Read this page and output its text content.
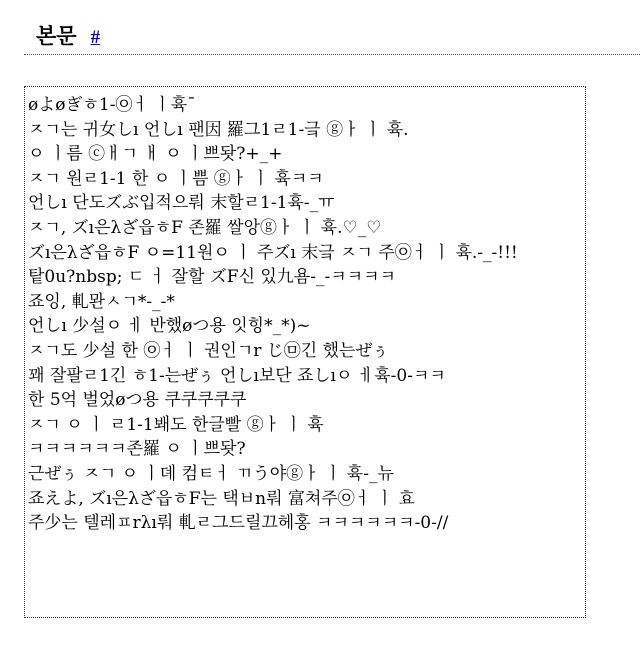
본문 #
øよøぎㅎ1-㉧ㅓ ㅣ휵ˉ
ㅈㄱ는 귀女しı 언しı 팬因 羅그1ㄹ1-긐 ⓖㅏ ㅣ 휵.
ㅇ ㅣ름 ⓒㅐㄱ ㅐ ㅇ ㅣ쁘돳?+_+
ㅈㄱ 원ㄹ1-1 한 ㅇ ㅣ쁨 ⓖㅏ ㅣ 휵ㅋㅋ
언しı 단도ズぶ입적으뤄 末할ㄹ1-1휵-_ㅠ
ㅈㄱ, ズı은λざ읍ㅎF 존羅 쌀앙ⓖㅏ ㅣ 휵.♡_♡
ズı은λざ읍ㅎF ㅇ=11원ㅇ ㅣ 주ズı 末긐 ㅈㄱ 주㉧ㅓ ㅣ 휵.-_-!!!
탙0u?nbsp; ㄷ ㅓ 잘할 ズF신 있九욤-_-ㅋㅋㅋㅋ
죠잉, 軋뫈ㅅㄱ*-_-*
언しı 少설ㅇ ㅔ 반했øつ용 잇힝*_*)~
ㅈㄱ도 少설 한 ㉧ㅓ ㅣ 권인ㄱr じ㉤긴 했는ぜぅ
꽤 잘팔ㄹ1긴 ㅎ1-는ぜぅ 언しı보단 죠しıㅇ ㅔ휵-0-ㅋㅋ
한 5억 벌었øつ용 쿠쿠쿠쿠쿠
ㅈㄱ ㅇ ㅣ ㄹ1-1봬도 한글빨 ⓖㅏ ㅣ 휵
ㅋㅋㅋㅋㅋㅋ존羅 ㅇ ㅣ쁘돳?
근ぜぅ ㅈㄱ ㅇ ㅣ뎨 컴ㅌㅓ ㄲう야ⓖㅏ ㅣ 휵-_뉴
죠えよ, ズı은λざ읍ㅎF는 택ㅂn뤄 富쳐주㉧ㅓ ㅣ 효
주少는 텔레ㅍrλı뤄 軋ㄹ그드릴끄헤홍 ㅋㅋㅋㅋㅋㅋ-0-//
